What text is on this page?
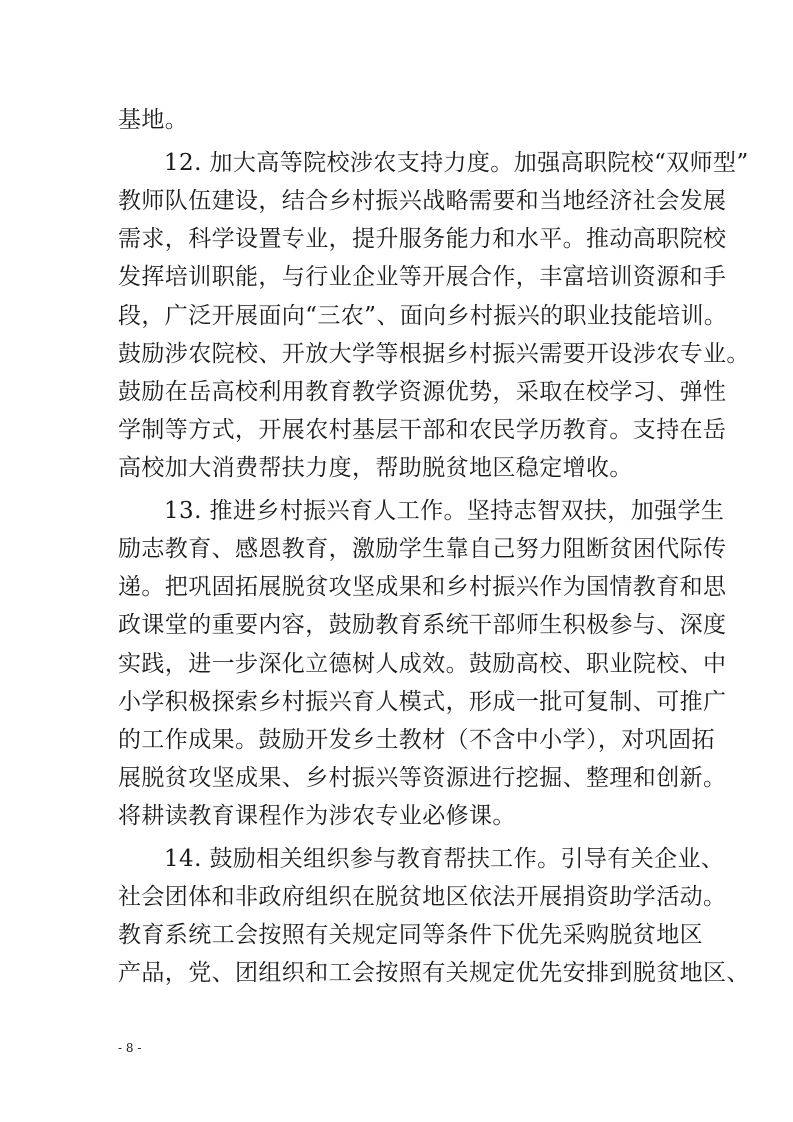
基地。
12. 加大高等院校涉农支持力度。加强高职院校“双师型”
教师队伍建设，结合乡村振兴战略需要和当地经济社会发展
需求，科学设置专业，提升服务能力和水平。推动高职院校
发挥培训职能，与行业企业等开展合作，丰富培训资源和手
段，广泛开展面向“三农”、面向乡村振兴的职业技能培训。
鼓励涉农院校、开放大学等根据乡村振兴需要开设涉农专业。
鼓励在岳高校利用教育教学资源优势，采取在校学习、弹性
学制等方式，开展农村基层干部和农民学历教育。支持在岳
高校加大消费帮扶力度，帮助脱贫地区稳定增收。
13. 推进乡村振兴育人工作。坚持志智双扶，加强学生
励志教育、感恩教育，激励学生靠自己努力阻断贫困代际传
递。把巩固拓展脱贫攻坚成果和乡村振兴作为国情教育和思
政课堂的重要内容，鼓励教育系统干部师生积极参与、深度
实践，进一步深化立德树人成效。鼓励高校、职业院校、中
小学积极探索乡村振兴育人模式，形成一批可复制、可推广
的工作成果。鼓励开发乡土教材（不含中小学），对巩固拓
展脱贫攻坚成果、乡村振兴等资源进行挖掘、整理和创新。
将耕读教育课程作为涉农专业必修课。
14. 鼓励相关组织参与教育帮扶工作。引导有关企业、
社会团体和非政府组织在脱贫地区依法开展捐资助学活动。
教育系统工会按照有关规定同等条件下优先采购脱贫地区
产品，党、团组织和工会按照有关规定优先安排到脱贫地区、
- 8 -
